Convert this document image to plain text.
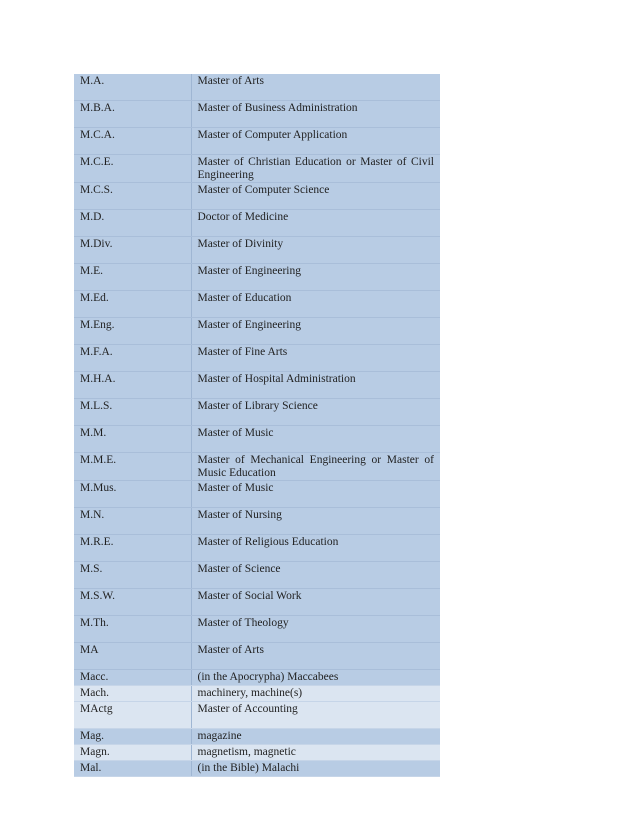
M.A.	Master of Arts
M.B.A.	Master of Business Administration
M.C.A.	Master of Computer Application
M.C.E.	Master of Christian Education or Master of Civil Engineering
M.C.S.	Master of Computer Science
M.D.	Doctor of Medicine
M.Div.	Master of Divinity
M.E.	Master of Engineering
M.Ed.	Master of Education
M.Eng.	Master of Engineering
M.F.A.	Master of Fine Arts
M.H.A.	Master of Hospital Administration
M.L.S.	Master of Library Science
M.M.	Master of Music
M.M.E.	Master of Mechanical Engineering or Master of Music Education
M.Mus.	Master of Music
M.N.	Master of Nursing
M.R.E.	Master of Religious Education
M.S.	Master of Science
M.S.W.	Master of Social Work
M.Th.	Master of Theology
MA	Master of Arts
Macc.	(in the Apocrypha) Maccabees
Mach.	machinery, machine(s)
MActg	Master of Accounting
Mag.	magazine
Magn.	magnetism, magnetic
Mal.	(in the Bible) Malachi
